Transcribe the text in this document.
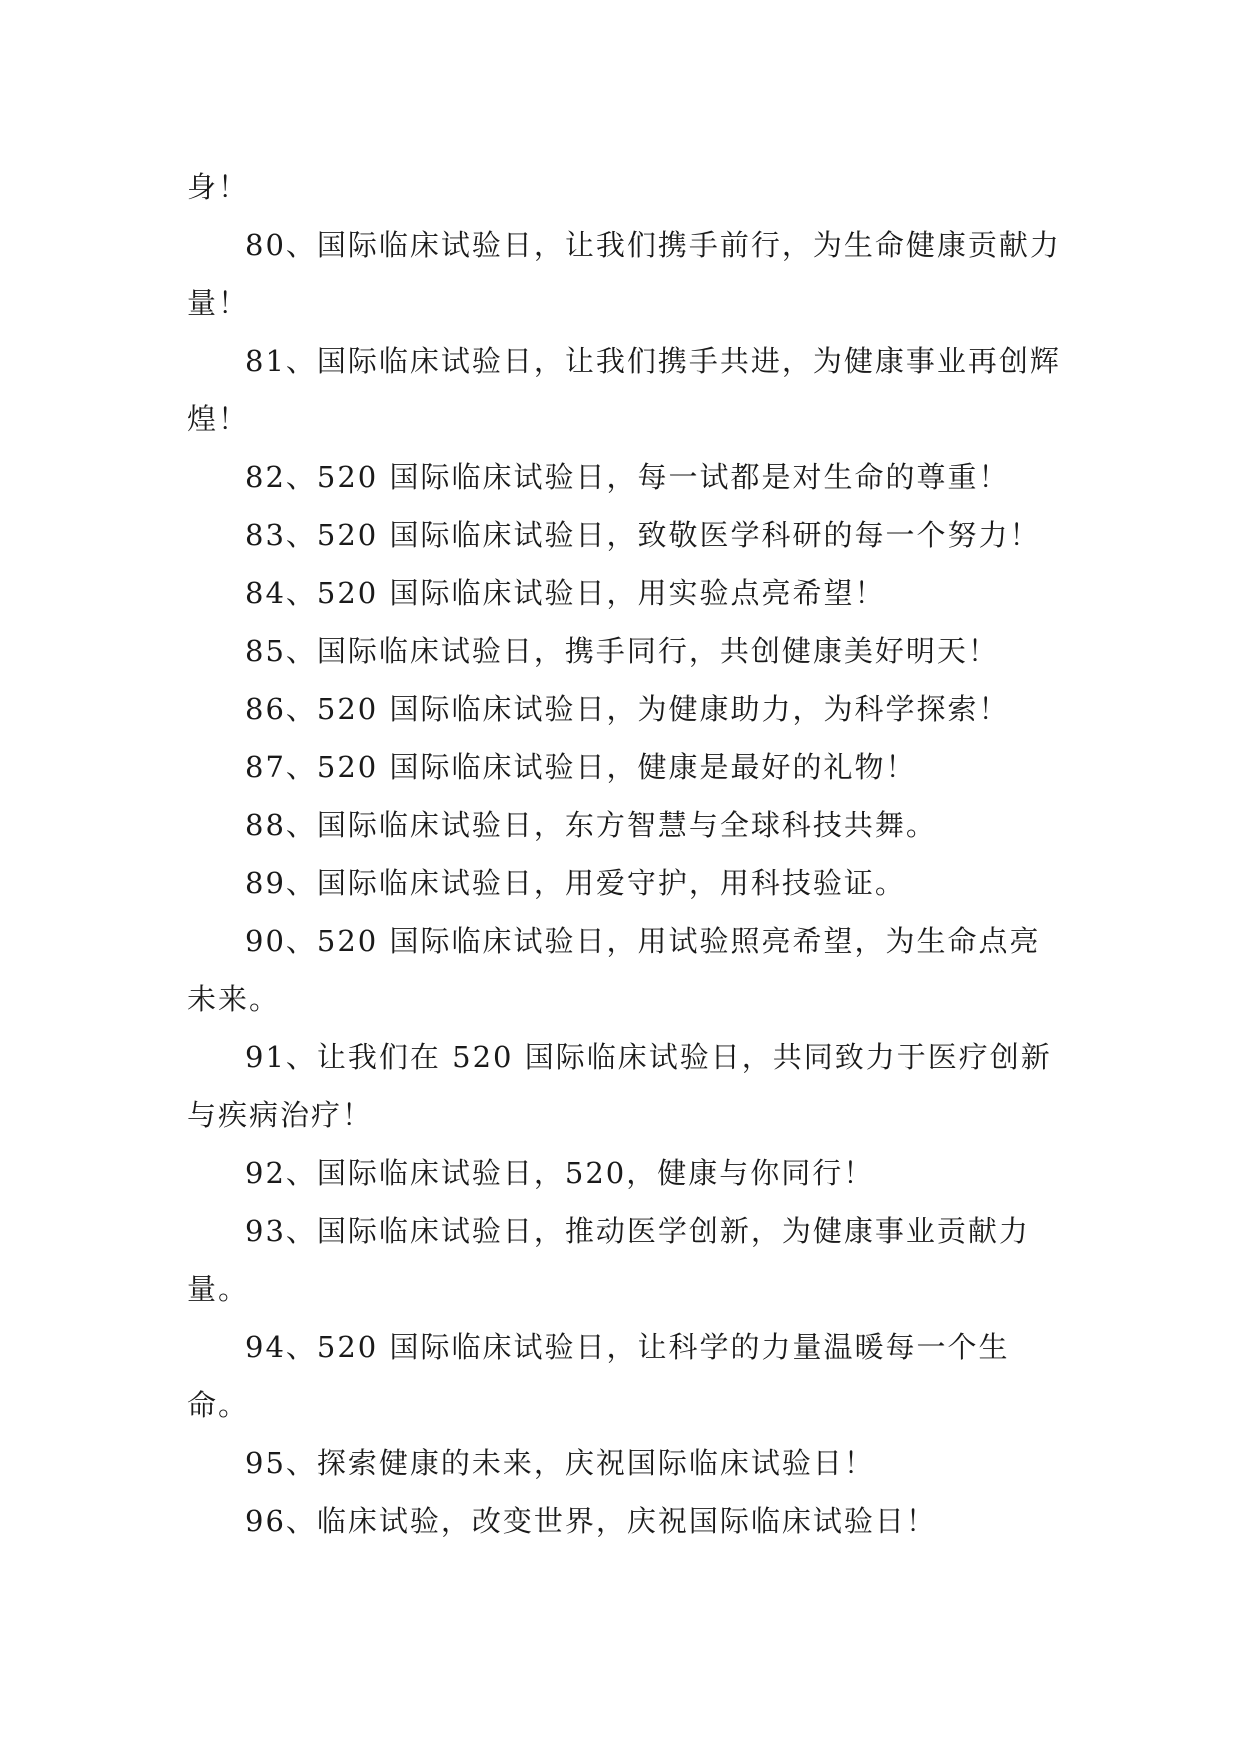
身！

80、国际临床试验日，让我们携手前行，为生命健康贡献力量！

81、国际临床试验日，让我们携手共进，为健康事业再创辉煌！

82、520 国际临床试验日，每一试都是对生命的尊重！

83、520 国际临床试验日，致敬医学科研的每一个努力！

84、520 国际临床试验日，用实验点亮希望！

85、国际临床试验日，携手同行，共创健康美好明天！

86、520 国际临床试验日，为健康助力，为科学探索！

87、520 国际临床试验日，健康是最好的礼物！

88、国际临床试验日，东方智慧与全球科技共舞。

89、国际临床试验日，用爱守护，用科技验证。

90、520 国际临床试验日，用试验照亮希望，为生命点亮未来。

91、让我们在 520 国际临床试验日，共同致力于医疗创新与疾病治疗！

92、国际临床试验日，520，健康与你同行！

93、国际临床试验日，推动医学创新，为健康事业贡献力量。

94、520 国际临床试验日，让科学的力量温暖每一个生命。

95、探索健康的未来，庆祝国际临床试验日！

96、临床试验，改变世界，庆祝国际临床试验日！
